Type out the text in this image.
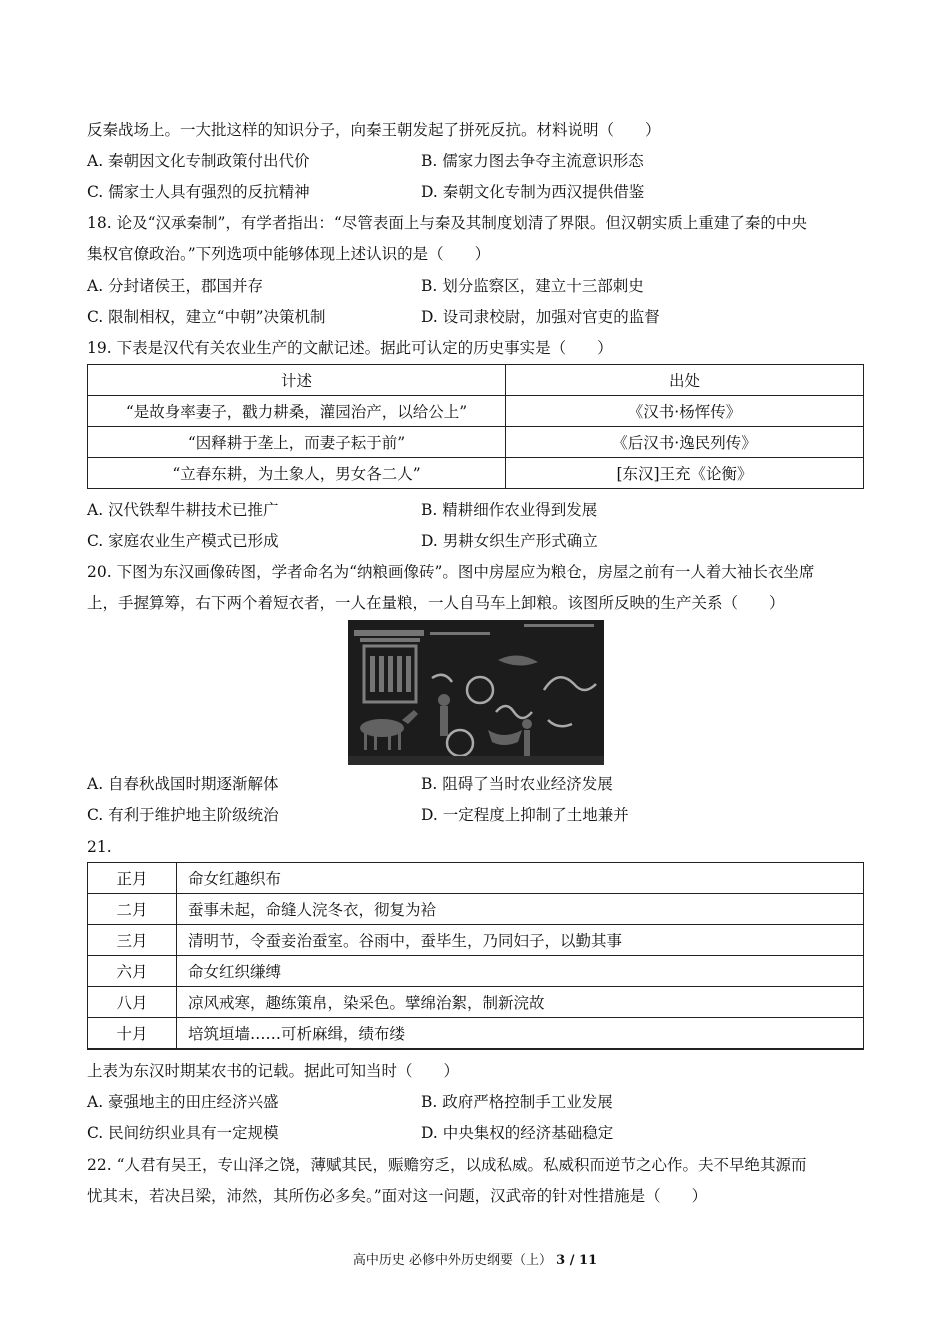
反秦战场上。一大批这样的知识分子，向秦王朝发起了拼死反抗。材料说明（　　）
A. 秦朝因文化专制政策付出代价	B. 儒家力图去争夺主流意识形态
C. 儒家士人具有强烈的反抗精神	D. 秦朝文化专制为西汉提供借鉴
18. 论及“汉承秦制”，有学者指出：“尽管表面上与秦及其制度划清了界限。但汉朝实质上重建了秦的中央
集权官僚政治。”下列选项中能够体现上述认识的是（　　）
A. 分封诸侯王，郡国并存	B. 划分监察区，建立十三部刺史
C. 限制相权，建立“中朝”决策机制	D. 设司隶校尉，加强对官吏的监督
19. 下表是汉代有关农业生产的文献记述。据此可认定的历史事实是（　　）
计述	出处
“是故身率妻子，戳力耕桑，灌园治产，以给公上”	《汉书·杨恽传》
“因释耕于垄上，而妻子耘于前”	《后汉书·逸民列传》
“立春东耕，为土象人，男女各二人”	[东汉]王充《论衡》
A. 汉代铁犁牛耕技术已推广	B. 精耕细作农业得到发展
C. 家庭农业生产模式已形成	D. 男耕女织生产形式确立
20. 下图为东汉画像砖图，学者命名为“纳粮画像砖”。图中房屋应为粮仓，房屋之前有一人着大袖长衣坐席
上，手握算筹，右下两个着短衣者，一人在量粮，一人自马车上卸粮。该图所反映的生产关系（　　）
A. 自春秋战国时期逐渐解体	B. 阻碍了当时农业经济发展
C. 有利于维护地主阶级统治	D. 一定程度上抑制了土地兼并
21.
正月	命女红趣织布
二月	蚕事未起，命缝人浣冬衣，彻复为袷
三月	清明节，令蚕妾治蚕室。谷雨中，蚕毕生，乃同妇子，以勤其事
六月	命女红织缣缚
八月	凉风戒寒，趣练策帛，染采色。擘绵治絮，制新浣故
十月	培筑垣墙……可析麻缉，绩布缕
上表为东汉时期某农书的记载。据此可知当时（　　）
A. 豪强地主的田庄经济兴盛	B. 政府严格控制手工业发展
C. 民间纺织业具有一定规模	D. 中央集权的经济基础稳定
22. “人君有吴王，专山泽之饶，薄赋其民，赈赡穷乏，以成私威。私威积而逆节之心作。夫不早绝其源而
忧其末，若决吕梁，沛然，其所伤必多矣。”面对这一问题，汉武帝的针对性措施是（　　）
高中历史 必修中外历史纲要（上） 3 / 11
